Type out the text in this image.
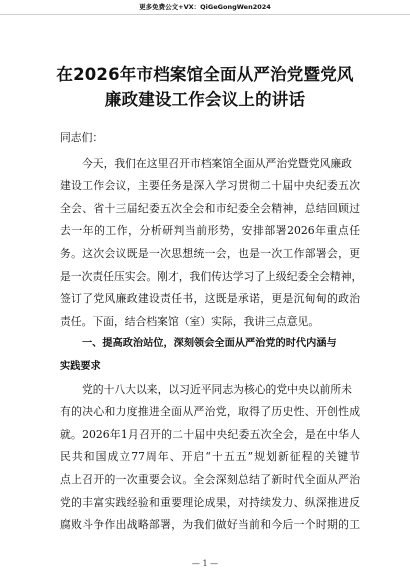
更多免费公文+VX：QiGeGongWen2024
在2026年市档案馆全面从严治党暨党风
廉政建设工作会议上的讲话
同志们：
今天，我们在这里召开市档案馆全面从严治党暨党风廉政
建设工作会议，主要任务是深入学习贯彻二十届中央纪委五次
全会、省十三届纪委五次全会和市纪委全会精神，总结回顾过
去一年的工作，分析研判当前形势，安排部署2026年重点任
务。这次会议既是一次思想统一会，也是一次工作部署会，更
是一次责任压实会。刚才，我们传达学习了上级纪委全会精神，
签订了党风廉政建设责任书，这既是承诺，更是沉甸甸的政治
责任。下面，结合档案馆（室）实际，我讲三点意见。
一、提高政治站位，深刻领会全面从严治党的时代内涵与
实践要求
党的十八大以来，以习近平同志为核心的党中央以前所未
有的决心和力度推进全面从严治党，取得了历史性、开创性成
就。2026年1月召开的二十届中央纪委五次全会，是在中华人
民共和国成立77周年、开启“十五五”规划新征程的关键节
点上召开的一次重要会议。全会深刻总结了新时代全面从严治
党的丰富实践经验和重要理论成果，对持续发力、纵深推进反
腐败斗争作出战略部署，为我们做好当前和今后一个时期的工
— 1 —
